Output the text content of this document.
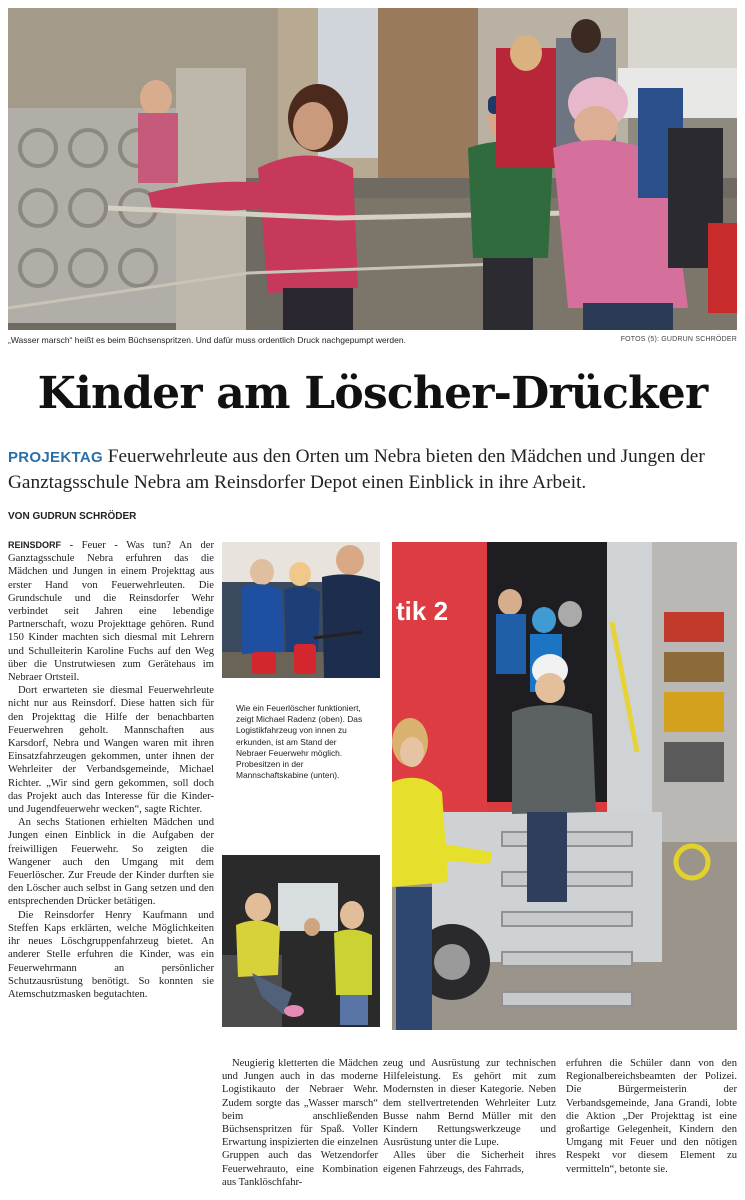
„Wasser marsch“ heißt es beim Büchsenspritzen. Und dafür muss ordentlich Druck nachgepumpt werden.	FOTOS (5): GUDRUN SCHRÖDER
Kinder am Löscher-Drücker
PROJEKTAG Feuerwehrleute aus den Orten um Nebra bieten den Mädchen und Jungen der Ganztagsschule Nebra am Reinsdorfer Depot einen Einblick in ihre Arbeit.
VON GUDRUN SCHRÖDER

REINSDORF - Feuer - Was tun? An der Ganztagsschule Nebra erfuhren das die Mädchen und Jungen in einem Projekttag aus erster Hand von Feuerwehrleuten. Die Grundschule und die Reinsdorfer Wehr verbindet seit Jahren eine lebendige Partnerschaft, wozu Projekttage gehören. Rund 150 Kinder machten sich diesmal mit Lehrern und Schulleiterin Karoline Fuchs auf den Weg über die Unstrutwiesen zum Gerätehaus im Nebraer Ortsteil.

Dort erwarteten sie diesmal Feuerwehrleute nicht nur aus Reinsdorf. Diese hatten sich für den Projekttag die Hilfe der benachbarten Feuerwehren geholt. Mannschaften aus Karsdorf, Nebra und Wangen waren mit ihren Einsatzfahrzeugen gekommen, unter ihnen der Wehrleiter der Verbandsgemeinde, Michael Richter. „Wir sind gern gekommen, soll doch das Projekt auch das Interesse für die Kinder- und Jugendfeuerwehr wecken“, sagte Richter.

An sechs Stationen erhielten Mädchen und Jungen einen Einblick in die Aufgaben der freiwilligen Feuerwehr. So zeigten die Wangener auch den Umgang mit dem Feuerlöscher. Zur Freude der Kinder durften sie den Löscher auch selbst in Gang setzen und den entsprechenden Drücker betätigen.

Die Reinsdorfer Henry Kaufmann und Steffen Kaps erklärten, welche Möglichkeiten ihr neues Löschgruppenfahrzeug bietet. An anderer Stelle erfuhren die Kinder, was ein Feuerwehrmann an persönlicher Schutzausrüstung benötigt. So konnten sie Atemschutzmasken begutachten.

Wie ein Feuerlöscher funktioniert, zeigt Michael Radenz (oben). Das Logistikfahrzeug von innen zu erkunden, ist am Stand der Nebraer Feuerwehr möglich. Probesitzen in der Mannschaftskabine (unten).
tik 2

Neugierig kletterten die Mädchen und Jungen auch in das moderne Logistikauto der Nebraer Wehr. Zudem sorgte das „Wasser marsch“ beim anschließenden Büchsenspritzen für Spaß. Voller Erwartung inspizierten die einzelnen Gruppen auch das Wetzendorfer Feuerwehrauto, eine Kombination aus Tanklöschfahr-

zeug und Ausrüstung zur technischen Hilfeleistung. Es gehört mit zum Modernsten in dieser Kategorie. Neben dem stellvertretenden Wehrleiter Lutz Busse nahm Bernd Müller mit den Kindern Rettungswerkzeuge und Ausrüstung unter die Lupe.

Alles über die Sicherheit ihres eigenen Fahrzeugs, des Fahrrads,

erfuhren die Schüler dann von den Regionalbereichsbeamten der Polizei. Die Bürgermeisterin der Verbandsgemeinde, Jana Grandi, lobte die Aktion „Der Projekttag ist eine großartige Gelegenheit, Kindern den Umgang mit Feuer und den nötigen Respekt vor diesem Element zu vermitteln“, betonte sie.
